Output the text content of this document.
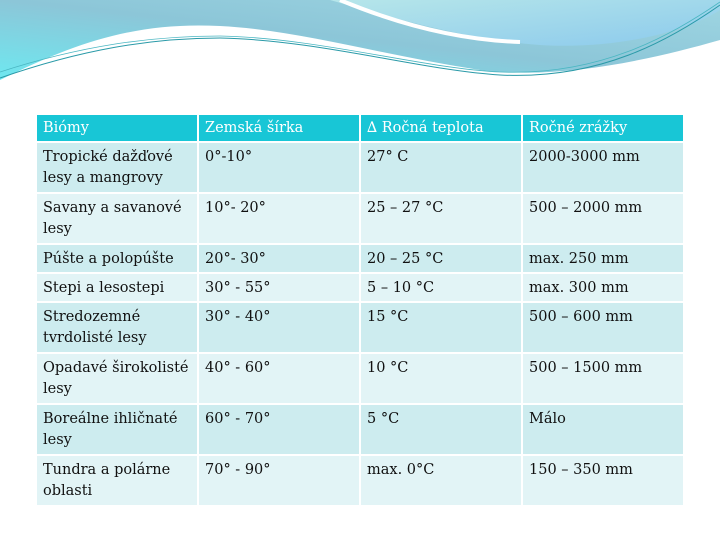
Biómy	Zemská šírka	∆ Ročná teplota	Ročné zrážky
Tropické dažďové lesy a mangrovy	0°-10°	27° C	2000-3000 mm
Savany a savanové lesy	10°- 20°	25 – 27 °C	500 – 2000 mm
Púšte a polopúšte	20°- 30°	20 – 25 °C	max. 250 mm
Stepi a lesostepi	30° - 55°	5 – 10 °C	max. 300 mm
Stredozemné tvrdolisté lesy	30° - 40°	15 °C	500 – 600 mm
Opadavé širokolisté lesy	40° - 60°	10 °C	500 – 1500 mm
Boreálne ihličnaté lesy	60° - 70°	5 °C	Málo
Tundra a polárne oblasti	70° - 90°	max. 0°C	150 – 350 mm
